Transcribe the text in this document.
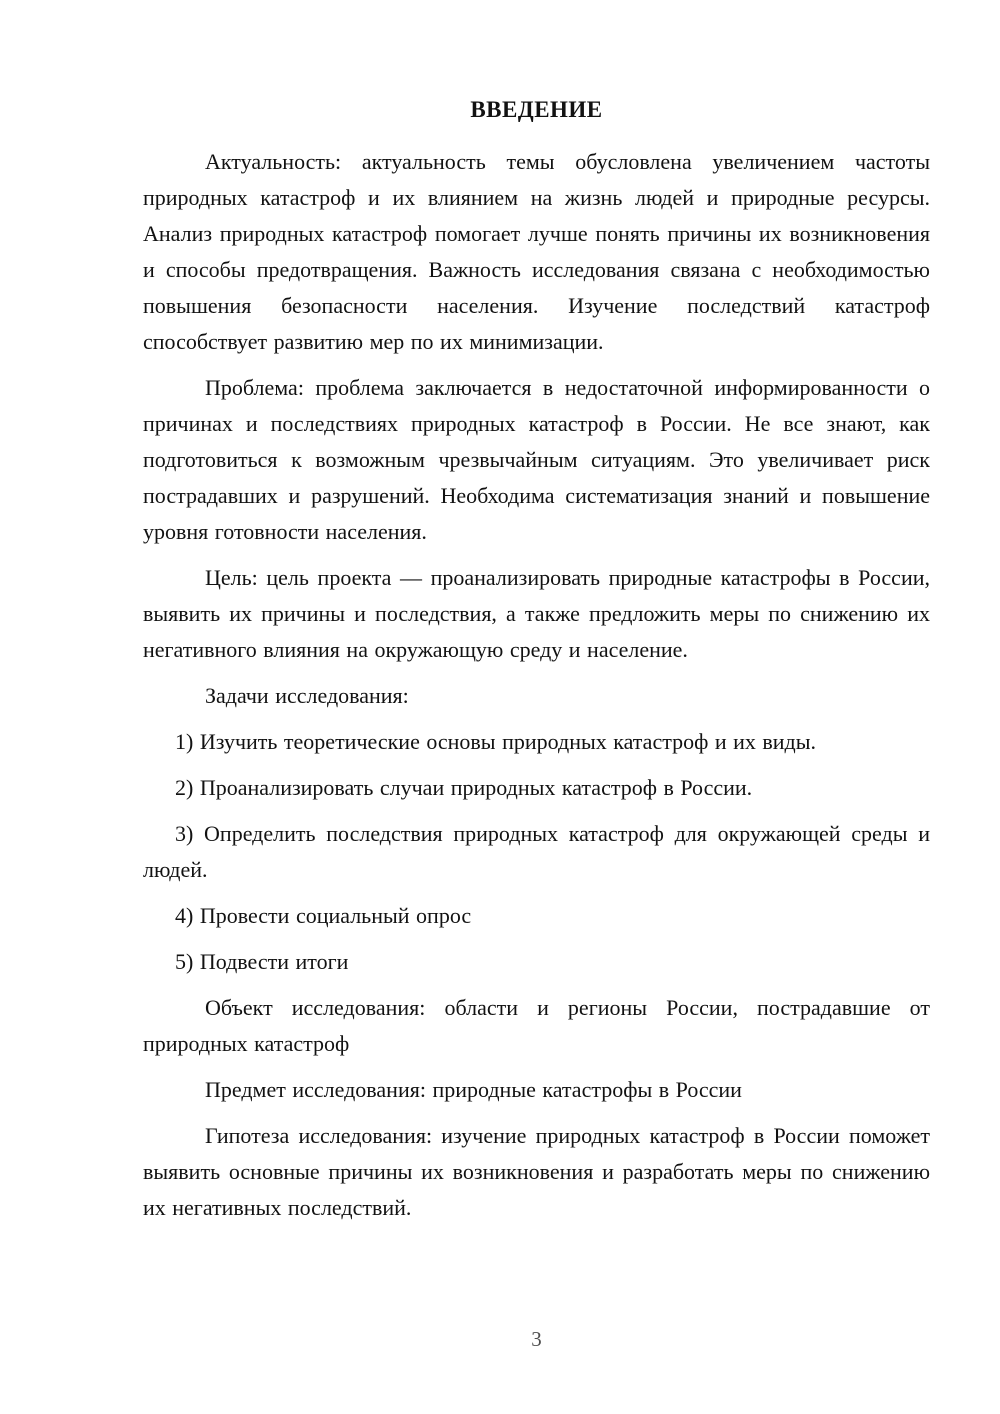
ВВЕДЕНИЕ

Актуальность: актуальность темы обусловлена увеличением частоты природных катастроф и их влиянием на жизнь людей и природные ресурсы. Анализ природных катастроф помогает лучше понять причины их возникновения и способы предотвращения. Важность исследования связана с необходимостью повышения безопасности населения. Изучение последствий катастроф способствует развитию мер по их минимизации.

Проблема: проблема заключается в недостаточной информированности о причинах и последствиях природных катастроф в России. Не все знают, как подготовиться к возможным чрезвычайным ситуациям. Это увеличивает риск пострадавших и разрушений. Необходима систематизация знаний и повышение уровня готовности населения.

Цель: цель проекта — проанализировать природные катастрофы в России, выявить их причины и последствия, а также предложить меры по снижению их негативного влияния на окружающую среду и население.

Задачи исследования:

1) Изучить теоретические основы природных катастроф и их виды.

2) Проанализировать случаи природных катастроф в России.

3) Определить последствия природных катастроф для окружающей среды и людей.

4) Провести социальный опрос

5) Подвести итоги

Объект исследования: области и регионы России, пострадавшие от природных катастроф

Предмет исследования: природные катастрофы в России

Гипотеза исследования: изучение природных катастроф в России поможет выявить основные причины их возникновения и разработать меры по снижению их негативных последствий.

3
